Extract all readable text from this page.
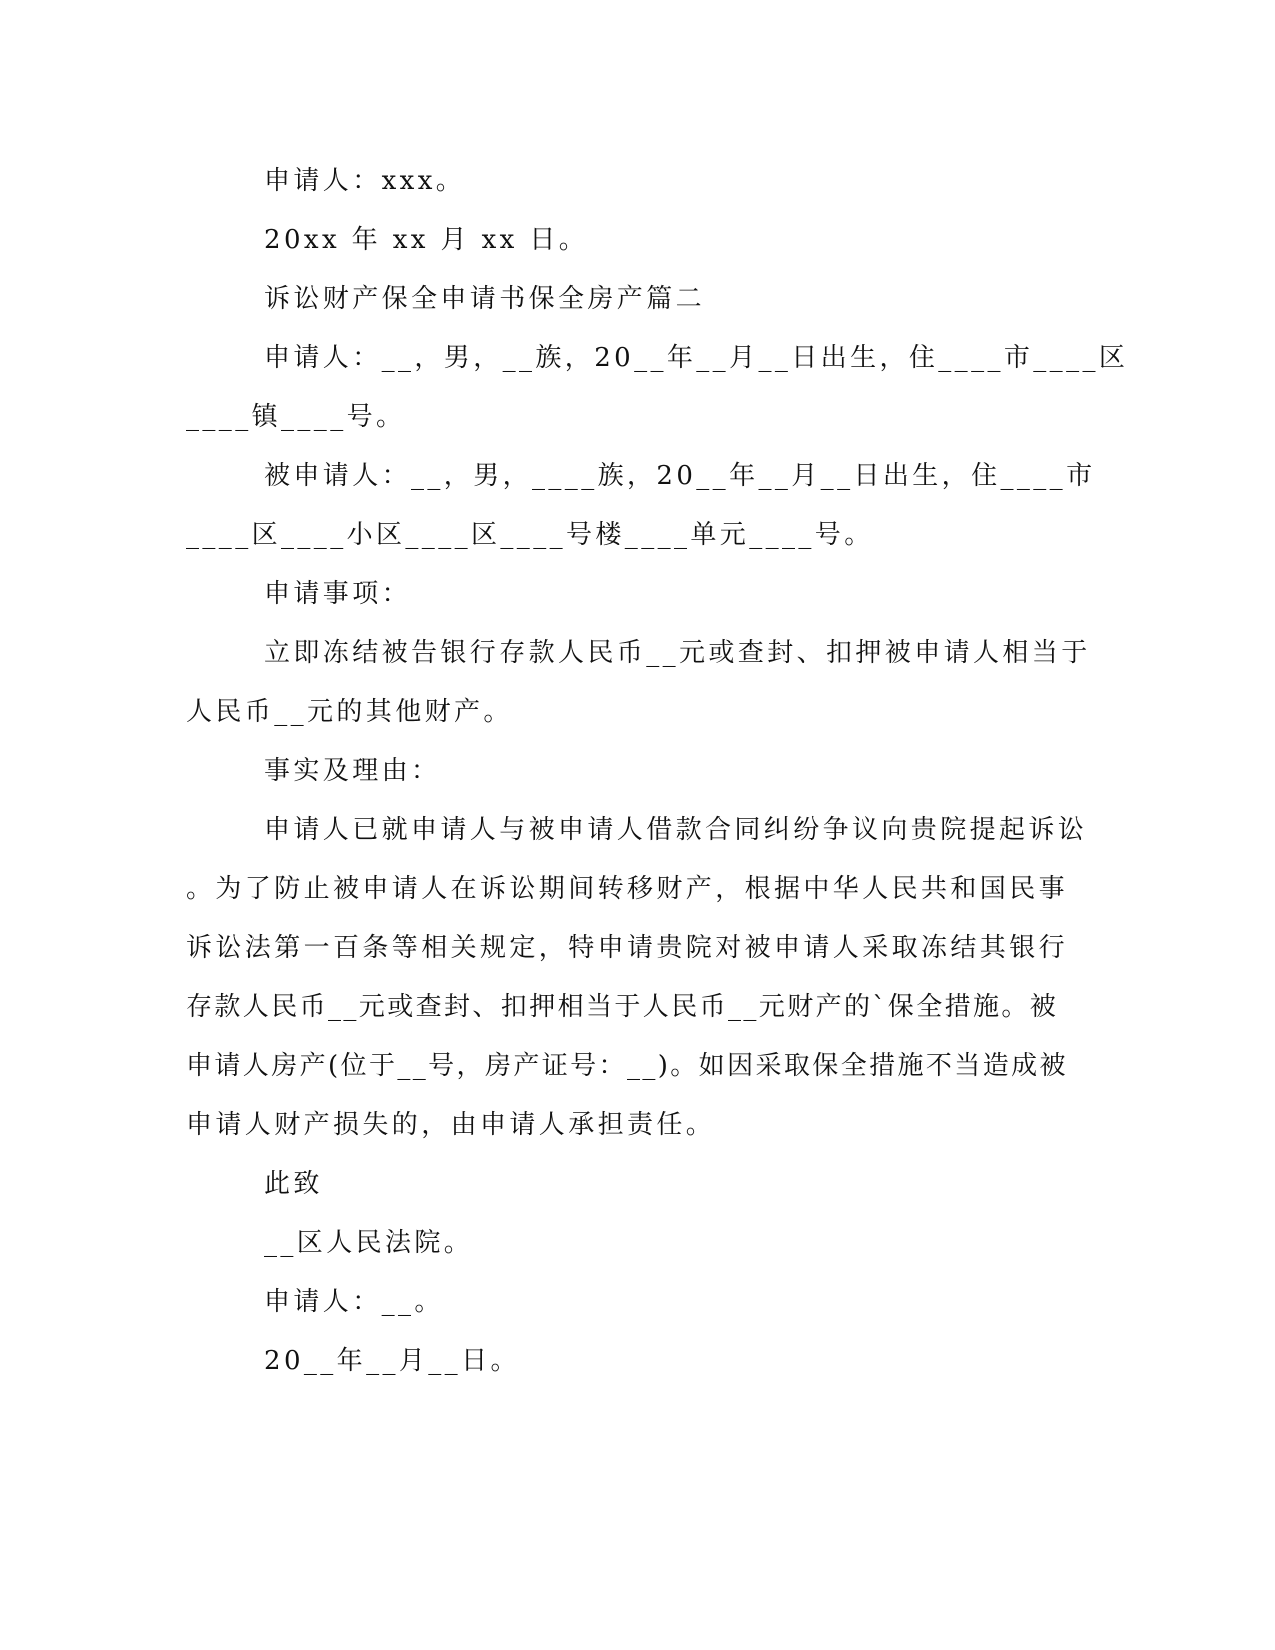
申请人：xxx。
20xx 年 xx 月 xx 日。
诉讼财产保全申请书保全房产篇二
申请人：__，男，__族，20__年__月__日出生，住____市____区
____镇____号。
被申请人：__，男，____族，20__年__月__日出生，住____市
____区____小区____区____号楼____单元____号。
申请事项：
立即冻结被告银行存款人民币__元或查封、扣押被申请人相当于
人民币__元的其他财产。
事实及理由：
申请人已就申请人与被申请人借款合同纠纷争议向贵院提起诉讼
。为了防止被申请人在诉讼期间转移财产，根据中华人民共和国民事
诉讼法第一百条等相关规定，特申请贵院对被申请人采取冻结其银行
存款人民币__元或查封、扣押相当于人民币__元财产的`保全措施。被
申请人房产(位于__号，房产证号：__)。如因采取保全措施不当造成被
申请人财产损失的，由申请人承担责任。
此致
__区人民法院。
申请人：__。
20__年__月__日。
